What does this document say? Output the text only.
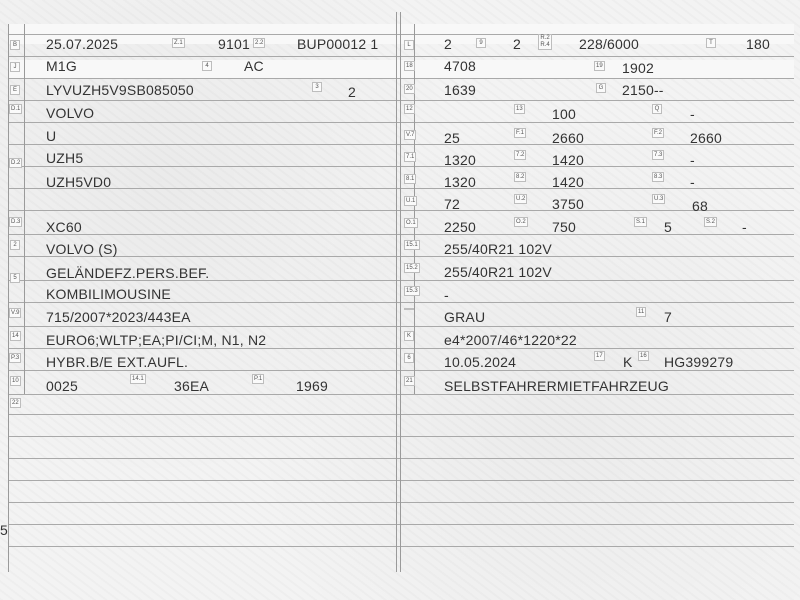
B 25.07.2025	Z.1	9101 2.2 BUP00012 1
J M1G	4	AC
E LYVUZH5V9SB085050	3 2
D.1 VOLVO
U
D.2 UZH5
UZH5VD0
D.3 XC60
2 VOLVO (S)
5 GELÄNDEFZ.PERS.BEF.
KOMBILIMOUSINE
V.9 715/2007*2023/443EA
14 EURO6;WLTP;EA;PI/CI;M, N1, N2
P.3 HYBR.B/E EXT.AUFL.
10 0025	14.1 36EA	P.1 1969
22
L 2	9 2	R.2 R.4 228/6000	T 180
18 4708	19 1902
20 1639	G 2150--
12	13 100	Q -
V.7 25	F.1 2660	F.2 2660
7.1 1320	7.2 1420	7.3 -
8.1 1320	8.2 1420	8.3 -
U.1 72	U.2 3750	U.3 68
O.1 2250	O.2 750	S.1 5	S.2 -
15.1 255/40R21 102V
15.2 255/40R21 102V
15.3 -
GRAU	11 7
K e4*2007/46*1220*22
6 10.05.2024	17 K	16 HG399279
21 SELBSTFAHRERMIETFAHRZEUG
5
